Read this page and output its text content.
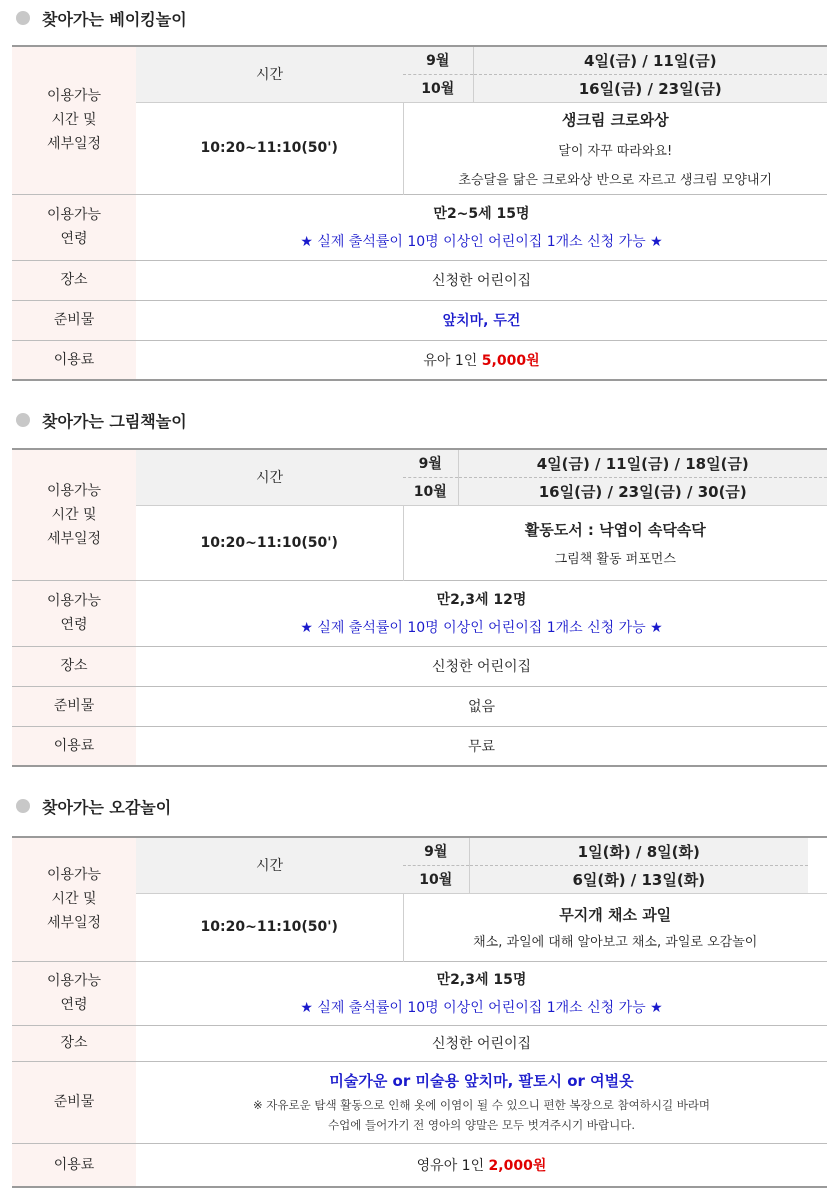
찾아가는 베이킹놀이
이용가능
시간 및
세부일정	시간	9월	4일(금) / 11일(금)
		10월	16일(금) / 23일(금)
	10:20~11:10(50')	생크림 크로와상
달이 자꾸 따라와요!
초승달을 닮은 크로와상 반으로 자르고 생크림 모양내기	

이용가능
연령	만2~5세 15명
★ 실제 출석률이 10명 이상인 어린이집 1개소 신청 가능 ★		

장소	신청한 어린이집		
준비물	앞치마, 두건		
이용료	유아 1인 5,000원		
찾아가는 그림책놀이
이용가능
시간 및
세부일정	시간	9월	4일(금) / 11일(금) / 18일(금)
		10월	16일(금) / 23일(금) / 30(금)
	10:20~11:10(50')	활동도서 : 낙엽이 속닥속닥
그림책 활동 퍼포먼스	

이용가능
연령	만2,3세 12명
★ 실제 출석률이 10명 이상인 어린이집 1개소 신청 가능 ★		

장소	신청한 어린이집		
준비물	없음		
이용료	무료		
찾아가는 오감놀이
이용가능
시간 및
세부일정	시간	9월	1일(화) / 8일(화)	
		10월	6일(화) / 13일(화)	
	10:20~11:10(50')	무지개 채소 과일
채소, 과일에 대해 알아보고 채소, 과일로 오감놀이		

이용가능
연령	만2,3세 15명
★ 실제 출석률이 10명 이상인 어린이집 1개소 신청 가능 ★			

장소	신청한 어린이집			
준비물	미술가운 or 미술용 앞치마, 팔토시 or 여벌옷
※ 자유로운 탐색 활동으로 인해 옷에 이염이 될 수 있으니 편한 복장으로 참여하시길 바라며
수업에 들어가기 전 영아의 양말은 모두 벗겨주시기 바랍니다.			

이용료	영유아 1인 2,000원			
